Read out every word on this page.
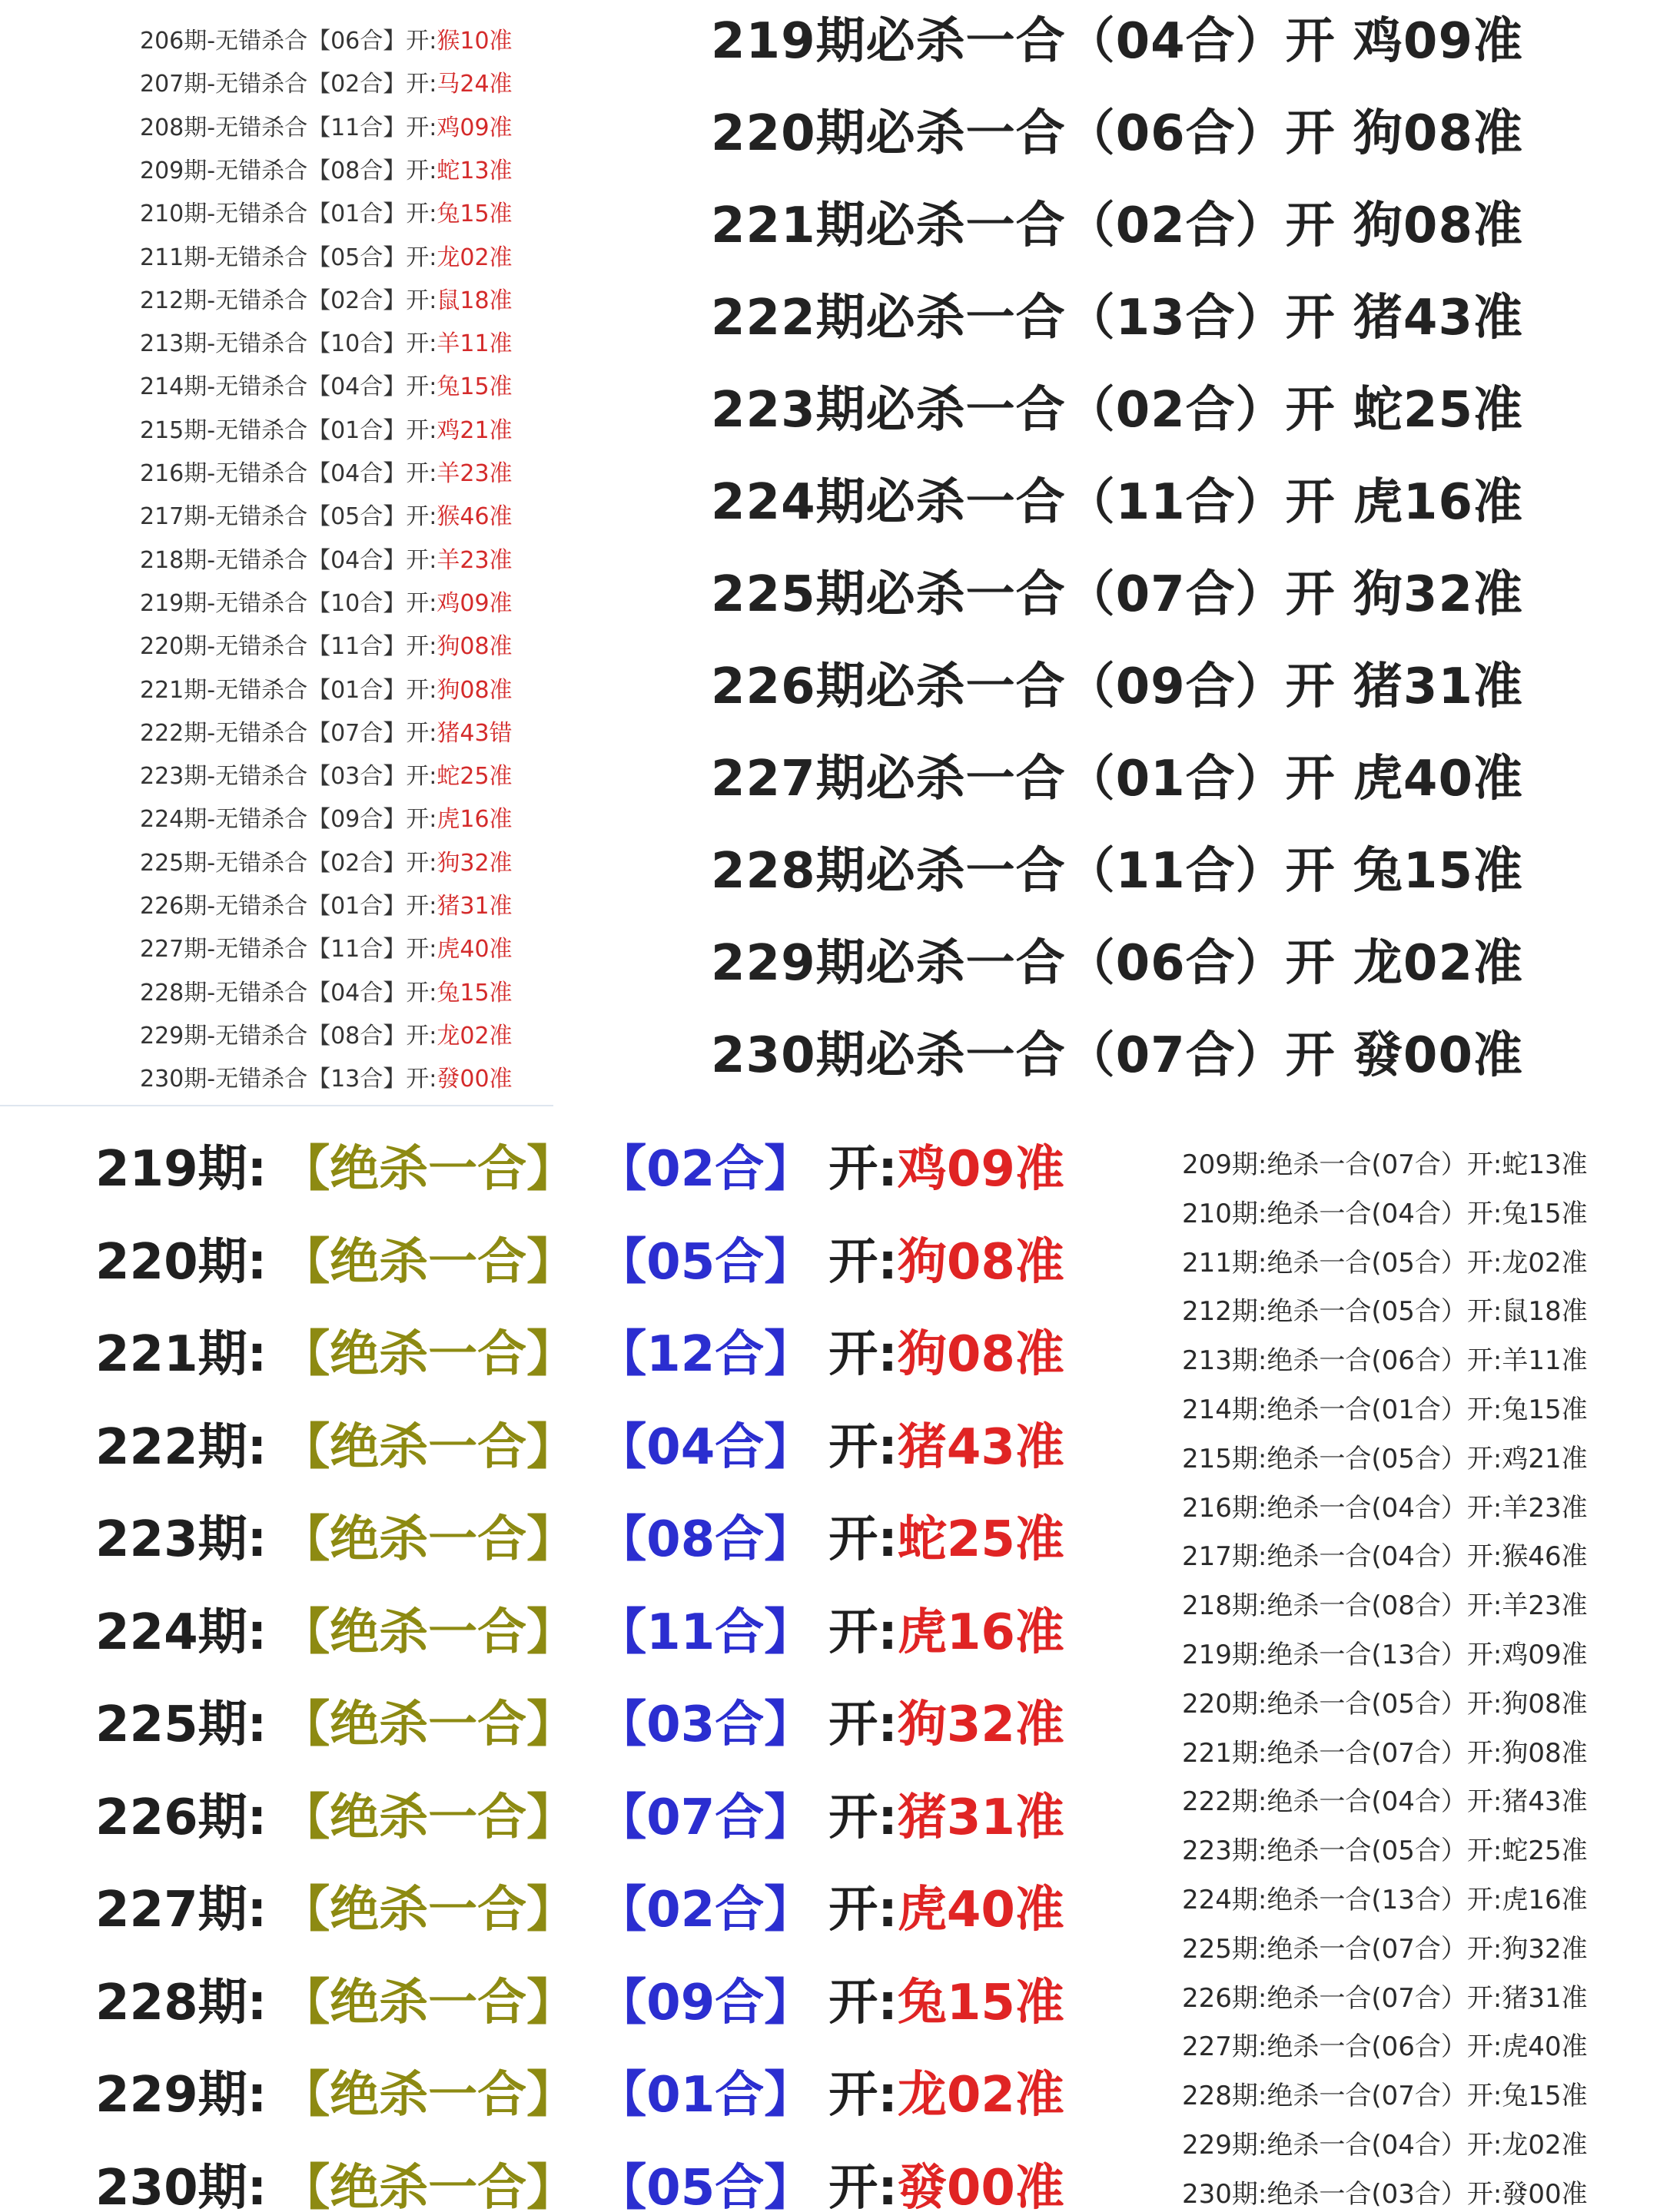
206期-无错杀合【06合】开:猴10准
207期-无错杀合【02合】开:马24准
208期-无错杀合【11合】开:鸡09准
209期-无错杀合【08合】开:蛇13准
210期-无错杀合【01合】开:兔15准
211期-无错杀合【05合】开:龙02准
212期-无错杀合【02合】开:鼠18准
213期-无错杀合【10合】开:羊11准
214期-无错杀合【04合】开:兔15准
215期-无错杀合【01合】开:鸡21准
216期-无错杀合【04合】开:羊23准
217期-无错杀合【05合】开:猴46准
218期-无错杀合【04合】开:羊23准
219期-无错杀合【10合】开:鸡09准
220期-无错杀合【11合】开:狗08准
221期-无错杀合【01合】开:狗08准
222期-无错杀合【07合】开:猪43错
223期-无错杀合【03合】开:蛇25准
224期-无错杀合【09合】开:虎16准
225期-无错杀合【02合】开:狗32准
226期-无错杀合【01合】开:猪31准
227期-无错杀合【11合】开:虎40准
228期-无错杀合【04合】开:兔15准
229期-无错杀合【08合】开:龙02准
230期-无错杀合【13合】开:發00准
219期必杀一合（04合）开 鸡09准
220期必杀一合（06合）开 狗08准
221期必杀一合（02合）开 狗08准
222期必杀一合（13合）开 猪43准
223期必杀一合（02合）开 蛇25准
224期必杀一合（11合）开 虎16准
225期必杀一合（07合）开 狗32准
226期必杀一合（09合）开 猪31准
227期必杀一合（01合）开 虎40准
228期必杀一合（11合）开 兔15准
229期必杀一合（06合）开 龙02准
230期必杀一合（07合）开 發00准
219期: 【绝杀一合】 【02合】 开:鸡09准
220期: 【绝杀一合】 【05合】 开:狗08准
221期: 【绝杀一合】 【12合】 开:狗08准
222期: 【绝杀一合】 【04合】 开:猪43准
223期: 【绝杀一合】 【08合】 开:蛇25准
224期: 【绝杀一合】 【11合】 开:虎16准
225期: 【绝杀一合】 【03合】 开:狗32准
226期: 【绝杀一合】 【07合】 开:猪31准
227期: 【绝杀一合】 【02合】 开:虎40准
228期: 【绝杀一合】 【09合】 开:兔15准
229期: 【绝杀一合】 【01合】 开:龙02准
230期: 【绝杀一合】 【05合】 开:發00准
209期:绝杀一合(07合）开:蛇13准
210期:绝杀一合(04合）开:兔15准
211期:绝杀一合(05合）开:龙02准
212期:绝杀一合(05合）开:鼠18准
213期:绝杀一合(06合）开:羊11准
214期:绝杀一合(01合）开:兔15准
215期:绝杀一合(05合）开:鸡21准
216期:绝杀一合(04合）开:羊23准
217期:绝杀一合(04合）开:猴46准
218期:绝杀一合(08合）开:羊23准
219期:绝杀一合(13合）开:鸡09准
220期:绝杀一合(05合）开:狗08准
221期:绝杀一合(07合）开:狗08准
222期:绝杀一合(04合）开:猪43准
223期:绝杀一合(05合）开:蛇25准
224期:绝杀一合(13合）开:虎16准
225期:绝杀一合(07合）开:狗32准
226期:绝杀一合(07合）开:猪31准
227期:绝杀一合(06合）开:虎40准
228期:绝杀一合(07合）开:兔15准
229期:绝杀一合(04合）开:龙02准
230期:绝杀一合(03合）开:發00准
